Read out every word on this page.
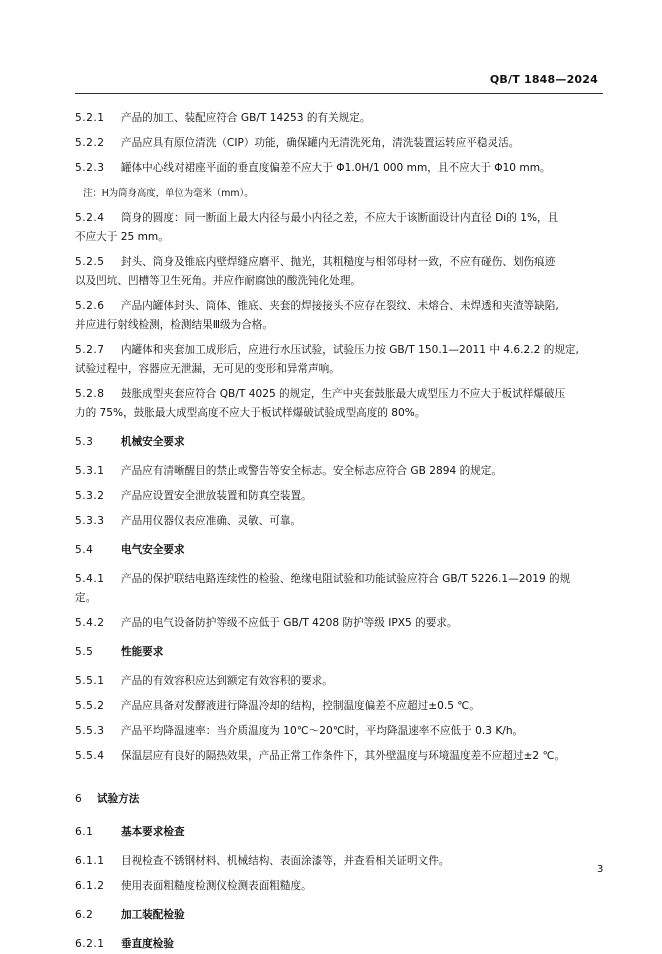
QB/T 1848—2024

5.2.1 产品的加工、装配应符合 GB/T 14253 的有关规定。

5.2.2 产品应具有原位清洗（CIP）功能，确保罐内无清洗死角，清洗装置运转应平稳灵活。

5.2.3 罐体中心线对裙座平面的垂直度偏差不应大于 Φ1.0H/1 000 mm，且不应大于 Φ10 mm。

注：H为筒身高度，单位为毫米（mm）。

5.2.4 筒身的圆度：同一断面上最大内径与最小内径之差，不应大于该断面设计内直径 Di的 1%，且

不应大于 25 mm。

5.2.5 封头、筒身及锥底内壁焊缝应磨平、抛光，其粗糙度与相邻母材一致，不应有碰伤、划伤痕迹

以及凹坑、凹槽等卫生死角。并应作耐腐蚀的酸洗钝化处理。

5.2.6 产品内罐体封头、筒体、锥底、夹套的焊接接头不应存在裂纹、未熔合、未焊透和夹渣等缺陷,

并应进行射线检测，检测结果Ⅲ级为合格。

5.2.7 内罐体和夹套加工成形后，应进行水压试验，试验压力按 GB/T 150.1—2011 中 4.6.2.2 的规定,

试验过程中，容器应无泄漏，无可见的变形和异常声响。

5.2.8 鼓胀成型夹套应符合 QB/T 4025 的规定，生产中夹套鼓胀最大成型压力不应大于板试样爆破压

力的 75%，鼓胀最大成型高度不应大于板试样爆破试验成型高度的 80%。

5.3	机械安全要求

5.3.1 产品应有清晰醒目的禁止或警告等安全标志。安全标志应符合 GB 2894 的规定。

5.3.2 产品应设置安全泄放装置和防真空装置。

5.3.3 产品用仪器仪表应准确、灵敏、可靠。

5.4	电气安全要求

5.4.1 产品的保护联结电路连续性的检验、绝缘电阻试验和功能试验应符合 GB/T 5226.1—2019 的规

定。

5.4.2 产品的电气设备防护等级不应低于 GB/T 4208 防护等级 IPX5 的要求。

5.5	性能要求

5.5.1 产品的有效容积应达到额定有效容积的要求。

5.5.2 产品应具备对发酵液进行降温冷却的结构，控制温度偏差不应超过±0.5 ℃。

5.5.3 产品平均降温速率：当介质温度为 10℃～20℃时，平均降温速率不应低于 0.3 K/h。

5.5.4 保温层应有良好的隔热效果，产品正常工作条件下，其外壁温度与环境温度差不应超过±2 ℃。

6 试验方法

6.1	基本要求检查

6.1.1 目视检查不锈钢材料、机械结构、表面涂漆等，并查看相关证明文件。

6.1.2 使用表面粗糙度检测仪检测表面粗糙度。

6.2	加工装配检验

6.2.1 垂直度检验

3
